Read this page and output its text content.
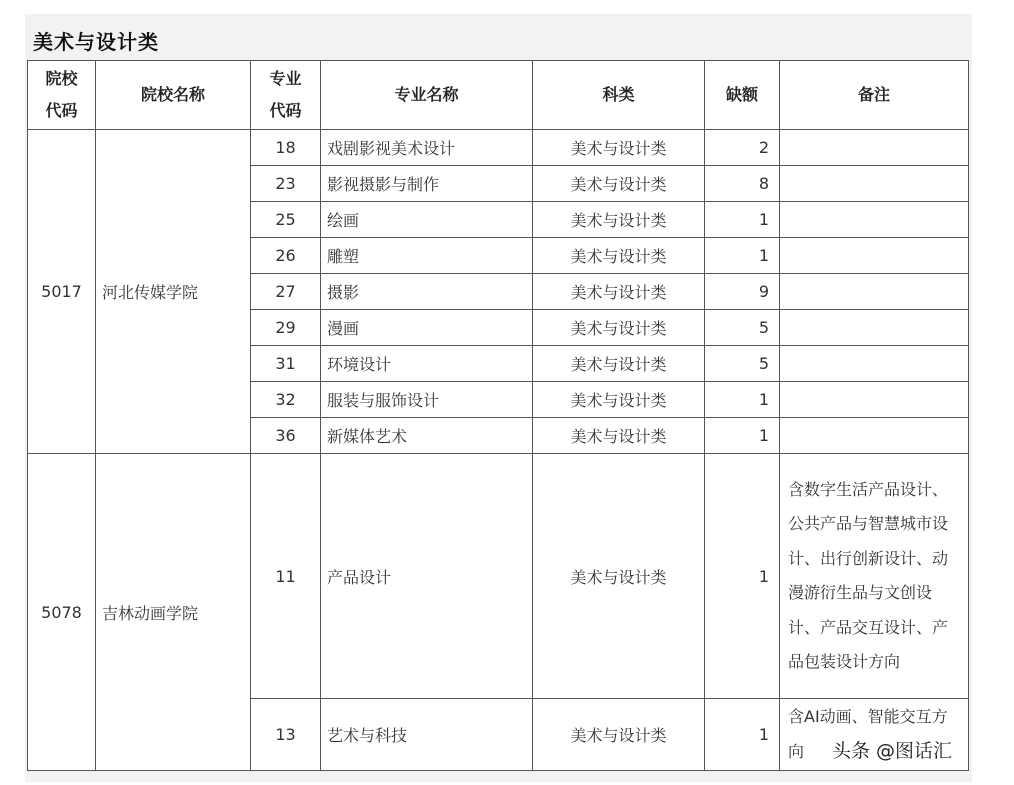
美术与设计类
院校代码	院校名称	专业代码	专业名称	科类	缺额	备注
5017	河北传媒学院	18	戏剧影视美术设计	美术与设计类	2	
		23	影视摄影与制作	美术与设计类	8	
		25	绘画	美术与设计类	1	
		26	雕塑	美术与设计类	1	
		27	摄影	美术与设计类	9	
		29	漫画	美术与设计类	5	
		31	环境设计	美术与设计类	5	
		32	服装与服饰设计	美术与设计类	1	
		36	新媒体艺术	美术与设计类	1	
5078	吉林动画学院	11	产品设计	美术与设计类	1	含数字生活产品设计、公共产品与智慧城市设计、出行创新设计、动漫游衍生品与文创设计、产品交互设计、产品包装设计方向
		13	艺术与科技	美术与设计类	1	含AI动画、智能交互方向 头条 @图话汇
